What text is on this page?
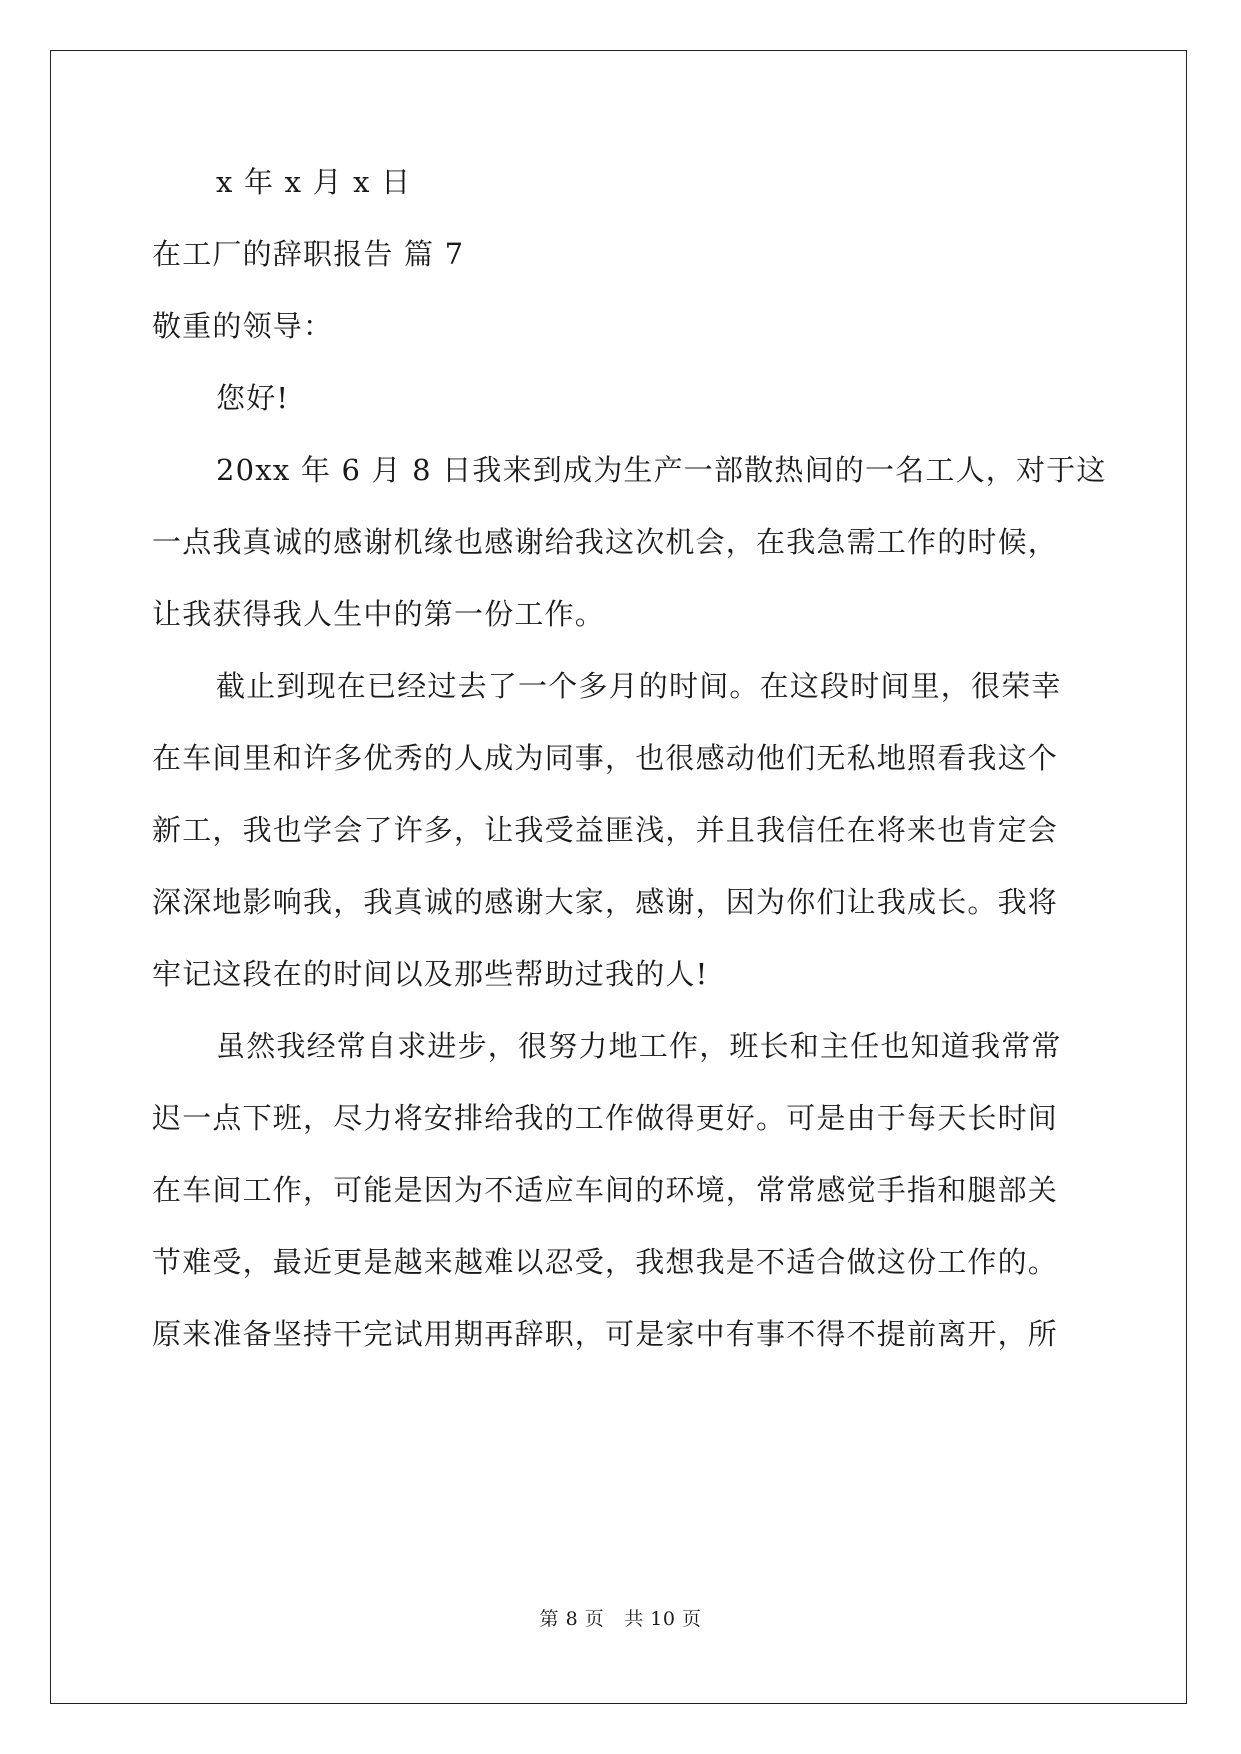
x 年 x 月 x 日
在工厂的辞职报告 篇 7
敬重的领导：
您好!
20xx 年 6 月 8 日我来到成为生产一部散热间的一名工人，对于这
一点我真诚的感谢机缘也感谢给我这次机会，在我急需工作的时候，
让我获得我人生中的第一份工作。
截止到现在已经过去了一个多月的时间。在这段时间里，很荣幸
在车间里和许多优秀的人成为同事，也很感动他们无私地照看我这个
新工，我也学会了许多，让我受益匪浅，并且我信任在将来也肯定会
深深地影响我，我真诚的感谢大家，感谢，因为你们让我成长。我将
牢记这段在的时间以及那些帮助过我的人!
虽然我经常自求进步，很努力地工作，班长和主任也知道我常常
迟一点下班，尽力将安排给我的工作做得更好。可是由于每天长时间
在车间工作，可能是因为不适应车间的环境，常常感觉手指和腿部关
节难受，最近更是越来越难以忍受，我想我是不适合做这份工作的。
原来准备坚持干完试用期再辞职，可是家中有事不得不提前离开，所
第 8 页 共 10 页
